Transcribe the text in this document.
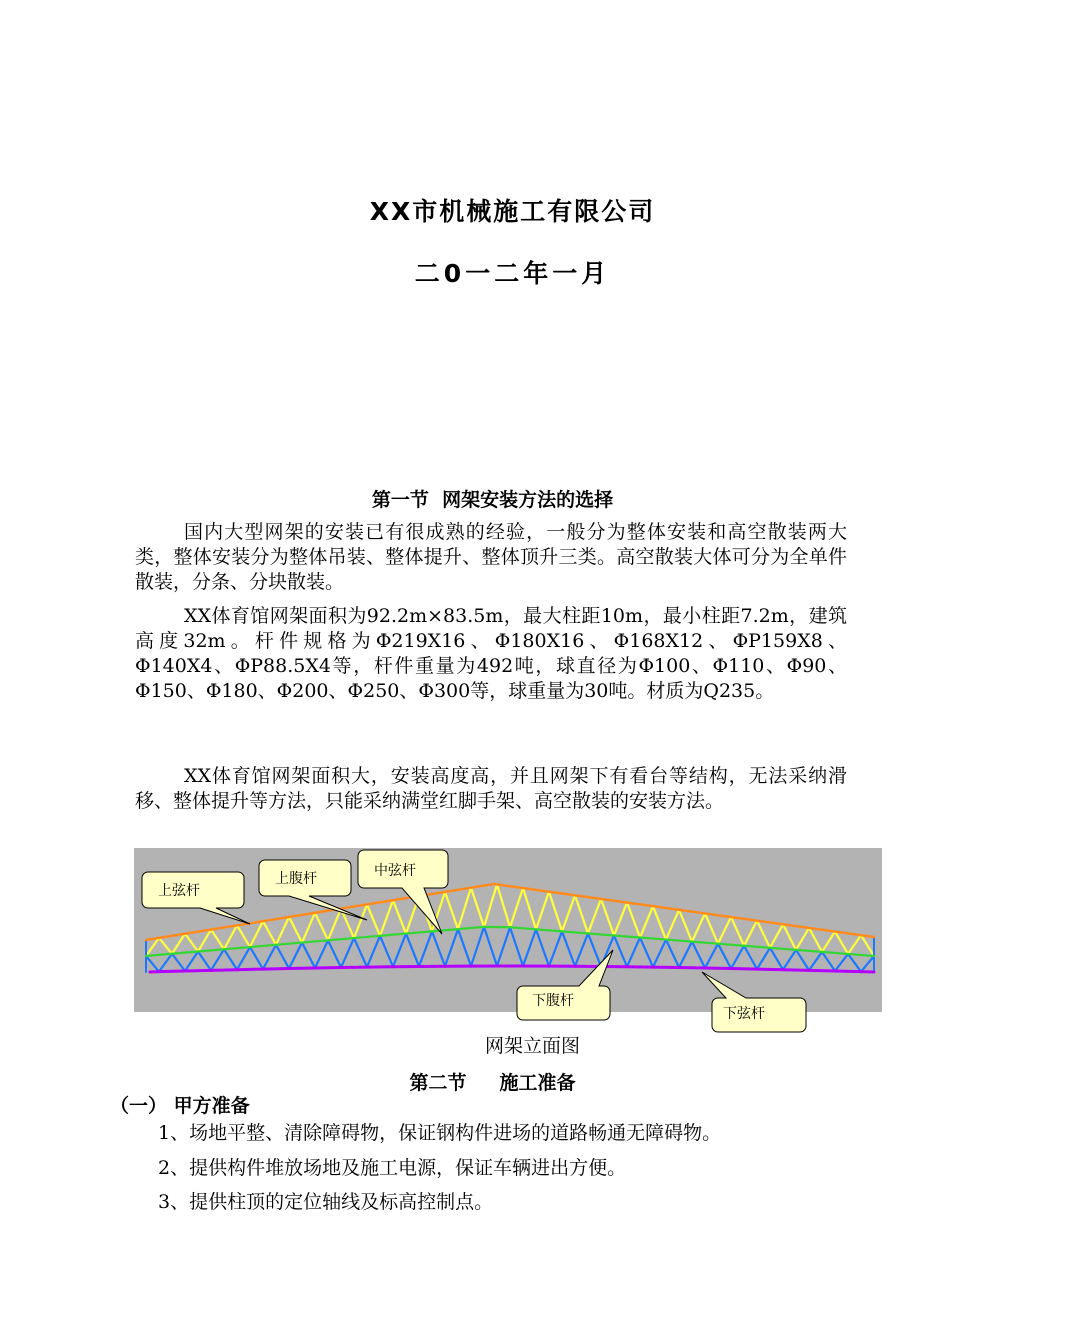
XX市机械施工有限公司
二0一二年一月
第一节  网架安装方法的选择
国内大型网架的安装已有很成熟的经验，一般分为整体安装和高空散装两大类，整体安装分为整体吊装、整体提升、整体顶升三类。高空散装大体可分为全单件散装，分条、分块散装。
XX体育馆网架面积为92.2m×83.5m，最大柱距10m，最小柱距7.2m，建筑高度32m。杆件规格为Φ219X16、Φ180X16、Φ168X12、ΦP159X8、Φ140X4、ΦP88.5X4等，杆件重量为492吨，球直径为Φ100、Φ110、Φ90、Φ150、Φ180、Φ200、Φ250、Φ300等，球重量为30吨。材质为Q235。
XX体育馆网架面积大，安装高度高，并且网架下有看台等结构，无法采纳滑移、整体提升等方法，只能采纳满堂红脚手架、高空散装的安装方法。
上弦杆
上腹杆	中弦杆
下腹杆
下弦杆
网架立面图
第二节     施工准备
（一） 甲方准备
1、场地平整、清除障碍物，保证钢构件进场的道路畅通无障碍物。
2、提供构件堆放场地及施工电源，保证车辆进出方便。
3、提供柱顶的定位轴线及标高控制点。
